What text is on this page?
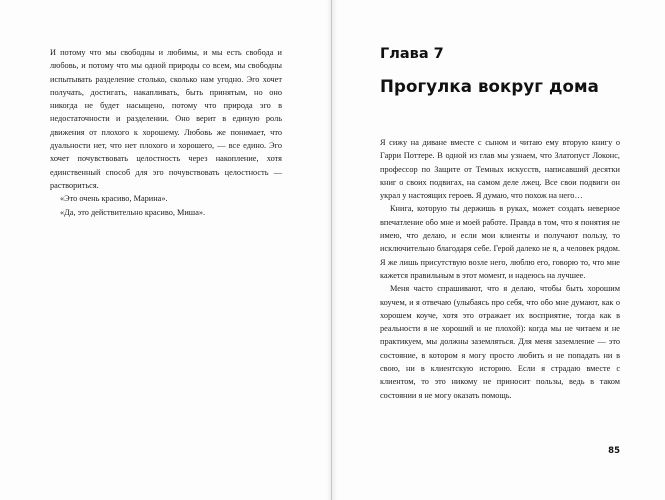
И потому что мы свободны и любимы, и мы есть свобода и любовь, и потому что мы одной природы со всем, мы свободны испытывать разделение столько, сколько нам угодно. Эго хочет получать, достигать, накапливать, быть принятым, но оно никогда не будет насыщено, потому что природа эго в недостаточности и разделении. Оно верит в единую роль движения от плохого к хорошему. Любовь же понимает, что дуальности нет, что нет плохого и хорошего, — все едино. Эго хочет почувствовать целостность через накопление, хотя единственный способ для эго почувствовать целостность — раствориться.

«Это очень красиво, Марина».

«Да, это действительно красиво, Миша».

Глава 7
Прогулка вокруг дома

Я сижу на диване вместе с сыном и читаю ему вторую книгу о Гарри Поттере. В одной из глав мы узнаем, что Златопуст Локонс, профессор по Защите от Темных искусств, написавший десятки книг о своих подвигах, на самом деле лжец. Все свои подвиги он украл у настоящих героев. Я думаю, что похож на него…

Книга, которую ты держишь в руках, может создать неверное впечатление обо мне и моей работе. Правда в том, что я понятия не имею, что делаю, и если мои клиенты и получают пользу, то исключительно благодаря себе. Герой далеко не я, а человек рядом. Я же лишь присутствую возле него, люблю его, говорю то, что мне кажется правильным в этот момент, и надеюсь на лучшее.

Меня часто спрашивают, что я делаю, чтобы быть хорошим коучем, и я отвечаю (улыбаясь про себя, что обо мне думают, как о хорошем коуче, хотя это отражает их восприятие, тогда как в реальности я не хороший и не плохой): когда мы не читаем и не практикуем, мы должны заземляться. Для меня заземление — это состояние, в котором я могу просто любить и не попадать ни в свою, ни в клиентскую историю. Если я страдаю вместе с клиентом, то это никому не приносит пользы, ведь в таком состоянии я не могу оказать помощь.

85
